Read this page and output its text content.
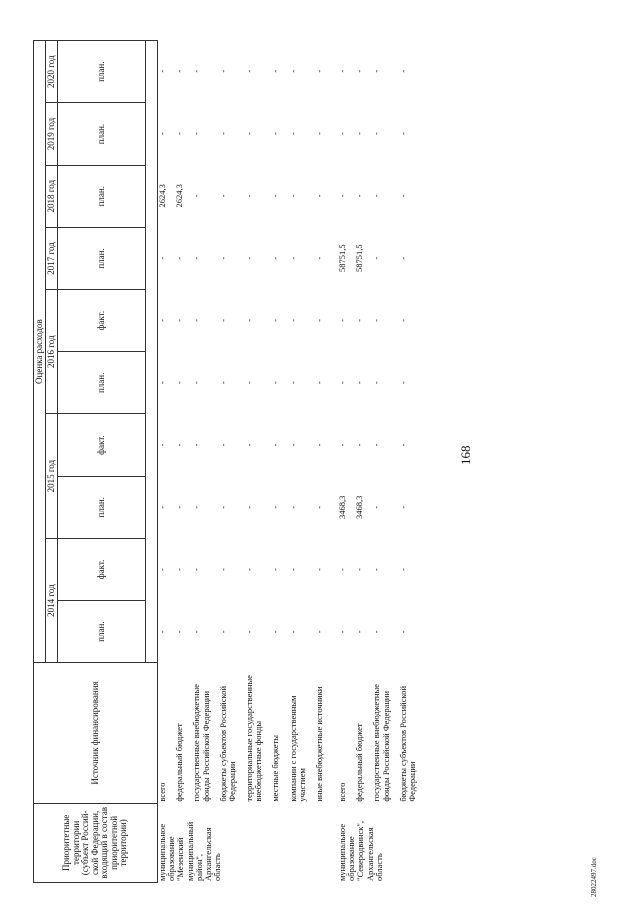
168
Приоритетные территории (субъект Россий-ской Федерации, входящий в состав приоритетной территории)	Источник финансирования	Оценка расходов									
		2014 год		2015 год		2016 год		2017 год	2018 год	2019 год	2020 год
		план.	факт.	план.	факт.	план.	факт.	план.	план.	план.	план.

муниципальное образование "Мезенский муниципальный район", Архангельская область	всего	-	-	-	-	-	-	-	2624,3	-	-
	федеральный бюджет	-	-	-	-	-	-	-	2624,3	-	-
	государственные внебюджетные фонды Российской Федерации	-	-	-	-	-	-	-	-	-	-
	бюджеты субъектов Российской Федерации	-	-	-	-	-	-	-	-	-	-
	территориальные государственные внебюджетные фонды	-	-	-	-	-	-	-	-	-	-
	местные бюджеты	-	-	-	-	-	-	-	-	-	-
	компании с государственным участием	-	-	-	-	-	-	-	-	-	-
	иные внебюджетные источники	-	-	-	-	-	-	-	-	-	-

муниципальное образование "Северодвинск", Архангельская область	всего	-	-	3468,3	-	-	-	58751,5	-	-	-
	федеральный бюджет	-	-	3468,3	-	-	-	58751,5	-	-	-
	государственные внебюджетные фонды Российской Федерации	-	-	-	-	-	-	-	-	-	-
	бюджеты субъектов Российской Федерации	-	-	-	-	-	-	-	-	-	-
28022497.doc
